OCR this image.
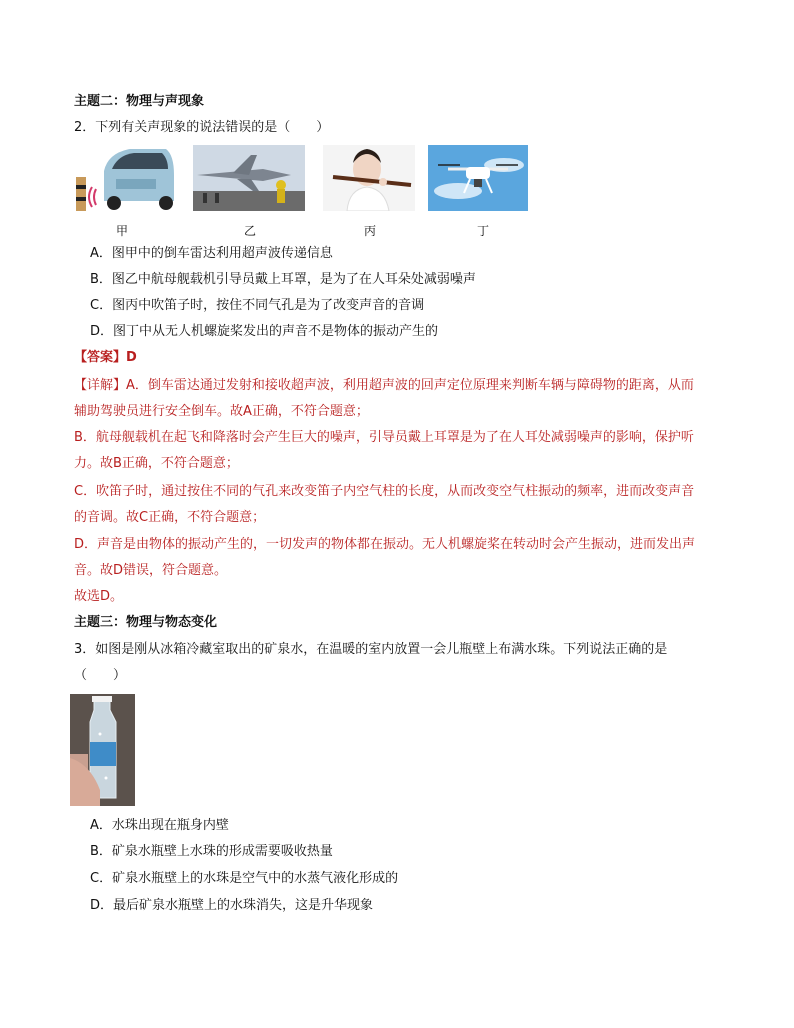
主题二：物理与声现象
2．下列有关声现象的说法错误的是（　　）
甲	乙	丙	丁
A．图甲中的倒车雷达利用超声波传递信息
B．图乙中航母舰载机引导员戴上耳罩，是为了在人耳朵处减弱噪声
C．图丙中吹笛子时，按住不同气孔是为了改变声音的音调
D．图丁中从无人机螺旋桨发出的声音不是物体的振动产生的
【答案】D
【详解】A．倒车雷达通过发射和接收超声波，利用超声波的回声定位原理来判断车辆与障碍物的距离，从而
辅助驾驶员进行安全倒车。故A正确，不符合题意；
B．航母舰载机在起飞和降落时会产生巨大的噪声，引导员戴上耳罩是为了在人耳处减弱噪声的影响，保护听
力。故B正确，不符合题意；
C．吹笛子时，通过按住不同的气孔来改变笛子内空气柱的长度，从而改变空气柱振动的频率，进而改变声音
的音调。故C正确，不符合题意；
D．声音是由物体的振动产生的，一切发声的物体都在振动。无人机螺旋桨在转动时会产生振动，进而发出声
音。故D错误，符合题意。
故选D。
主题三：物理与物态变化
3．如图是刚从冰箱冷藏室取出的矿泉水，在温暖的室内放置一会儿瓶壁上布满水珠。下列说法正确的是
（　　）
A．水珠出现在瓶身内壁
B．矿泉水瓶壁上水珠的形成需要吸收热量
C．矿泉水瓶壁上的水珠是空气中的水蒸气液化形成的
D．最后矿泉水瓶壁上的水珠消失，这是升华现象
